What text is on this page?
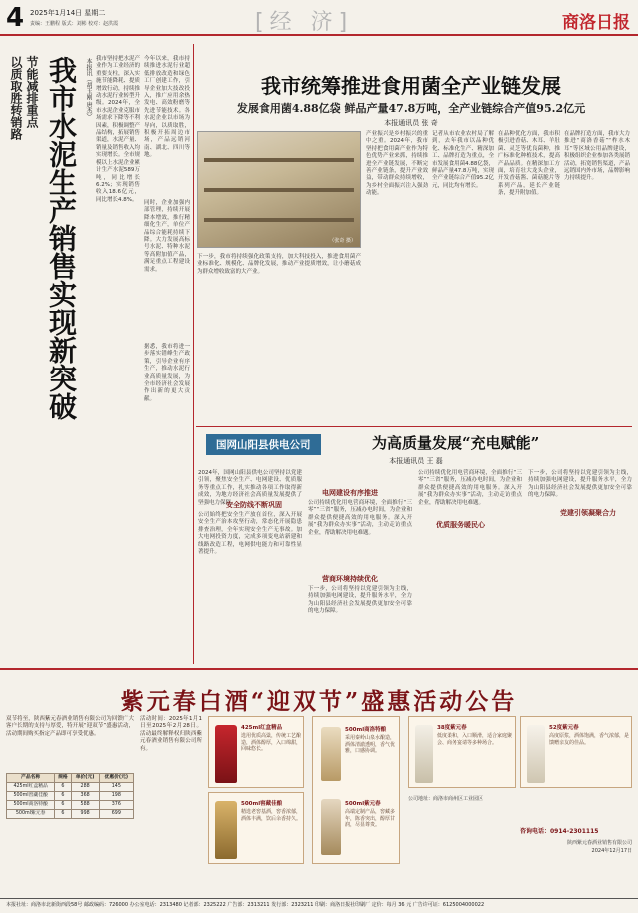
4 2025年1月14日 星期二
责编：王鹏程 版式：刘彬 校对：赵洪霞	[经 济]	商洛日报
以质取胜转销路 节能减排重点 我市水泥生产销售实现新突破	本报讯（胡玉刚 唐杰） 我市坚持把水泥产业作为工业经济的重要支柱，深入实施节能降耗、提质增效行动，持续推动水泥行业转型升级。2024年，全市水泥企业克服市场需求下降等不利因素，积极调整产品结构，拓展销售渠道，水泥产量、销量及销售收入均实现增长。全市规模以上水泥企业累计生产水泥589万吨，同比增长6.2%；实现销售收入18.6亿元，同比增长4.8%。
今年以来，我市持续推进水泥行业超低排放改造和绿色工厂创建工作，引导企业加大技改投入，推广应用余热发电、高效粉磨等先进节能技术。各水泥企业以市场为导向，以质取胜，积极开拓周边市场，产品远销河南、湖北、四川等地。
同时，企业加强内部管理，持续开展降本增效，推行精细化生产，单位产品综合能耗持续下降。大力发展高标号水泥、特种水泥等高附加值产品，满足重点工程建设需求。
据悉，我市将进一步落实错峰生产政策，引导企业有序生产，推动水泥行业高质量发展，为全市经济社会发展作出新的更大贡献。
我市统筹推进食用菌全产业链发展
发展食用菌4.88亿袋 鲜品产量47.8万吨，全产业链综合产值95.2亿元
本报通讯员 张 奇
（张奇 摄）
产业振兴是乡村振兴的重中之重。2024年，我市坚持把食用菌产业作为特色优势产业来抓，持续推进全产业链发展，不断完善产业链条，提升产业效益，带动群众持续增收，为乡村全面振兴注入强劲动能。
记者从市农业农村局了解到，去年我市以品种优化、标准化生产、精深加工、品牌打造为重点，全市发展食用菌4.88亿袋，鲜品产量47.8万吨，实现全产业链综合产值95.2亿元，同比均有增长。
在品种优化方面，我市积极引进香菇、木耳、羊肚菌、灵芝等优良菌种，推广标准化种植技术，提高产品品质。在精深加工方面，培育壮大龙头企业，开发香菇酱、菌菇脆片等系列产品，延长产业链条，提升附加值。
在品牌打造方面，我市大力推进“商洛香菇”“柞水木耳”等区域公用品牌建设，积极组织企业参加各类展销活动，拓宽销售渠道，产品远销国内外市场，品牌影响力持续提升。
下一步，我市将持续强化政策支持，加大科技投入，推进食用菌产业标准化、规模化、品牌化发展，推动产业提质增效，让小蘑菇成为群众增收致富的大产业。
国网山阳县供电公司	为高质量发展“充电赋能”
本报通讯员 王 磊
2024年，国网山阳县供电公司坚持以党建引领，聚焦安全生产、电网建设、优质服务等重点工作，扎实推动各项工作取得新成效，为地方经济社会高质量发展提供了坚强电力保障。
安全防线不断巩固
公司始终把安全生产放在首位，深入开展安全生产治本攻坚行动，常态化开展隐患排查治理，全年实现安全生产无事故。加大电网投资力度，完成多项变电站新建和线路改造工程，电网供电能力和可靠性显著提升。
电网建设有序推进
公司持续优化用电营商环境，全面推行“三零”“三省”服务，压减办电时间，为企业和群众提供便捷高效的用电服务。深入开展“我为群众办实事”活动，主动走访重点企业，帮助解决用电难题。
营商环境持续优化
下一步，公司将坚持以党建引领为主线，持续加强电网建设，提升服务水平，全力为山阳县经济社会发展提供更加安全可靠的电力保障。
优质服务暖民心
公司持续优化用电营商环境，全面推行“三零”“三省”服务，压减办电时间，为企业和群众提供便捷高效的用电服务。深入开展“我为群众办实事”活动，主动走访重点企业，帮助解决用电难题。
党建引领凝聚合力
下一步，公司将坚持以党建引领为主线，持续加强电网建设，提升服务水平，全力为山阳县经济社会发展提供更加安全可靠的电力保障。
紫元春白酒“迎双节”盛惠活动公告
双节将至，陕西紫元春酒业销售有限公司为回馈广大客户长期的支持与厚爱，特开展“迎双节”盛惠活动，活动期间购买指定产品即可享受优惠。
产品名称	规格	单价(元)	优惠价(元)
425ml红盒精品	6	288	145
500ml窖藏佳酿	6	368	198
500ml商洛特酿	6	588	376
500ml紫元春	6	998	699
活动时间：2025年1月1日至2025年2月28日。活动最终解释权归陕西紫元春酒业销售有限公司所有。
425ml红盒精品
选用优质高粱，传统工艺酿造，酒体醇厚，入口绵甜，回味悠长。
500ml窖藏佳酿
精选老窖基酒，窖香浓郁，酒体丰满，饮后余香持久。
500ml商洛特酿
采用秦岭山泉水酿造，酒体清澈透明，香气优雅，口感协调。
500ml紫元春
高端定制产品，窖藏多年，陈香突出，醇厚甘润，尽显尊贵。
38度紫元春
低度柔和，入口顺滑，适合家庭聚会、商务宴请等多种场合。
52度紫元春
高度原浆，酒体饱满，香气浓郁，是馈赠亲友的佳品。
咨询电话：0914-2301115
公司地址：商洛市商州区工业园区
陕西紫元春酒业销售有限公司
2024年12月17日
本报社址：商洛市北新街西段58号 邮政编码：726000 办公室电话：2313480 记者部：2325222 广告部：2313211 发行部：2323211 印刷：商洛日报社印刷厂 定价：每月 36 元 广告许可证：6125004000022
